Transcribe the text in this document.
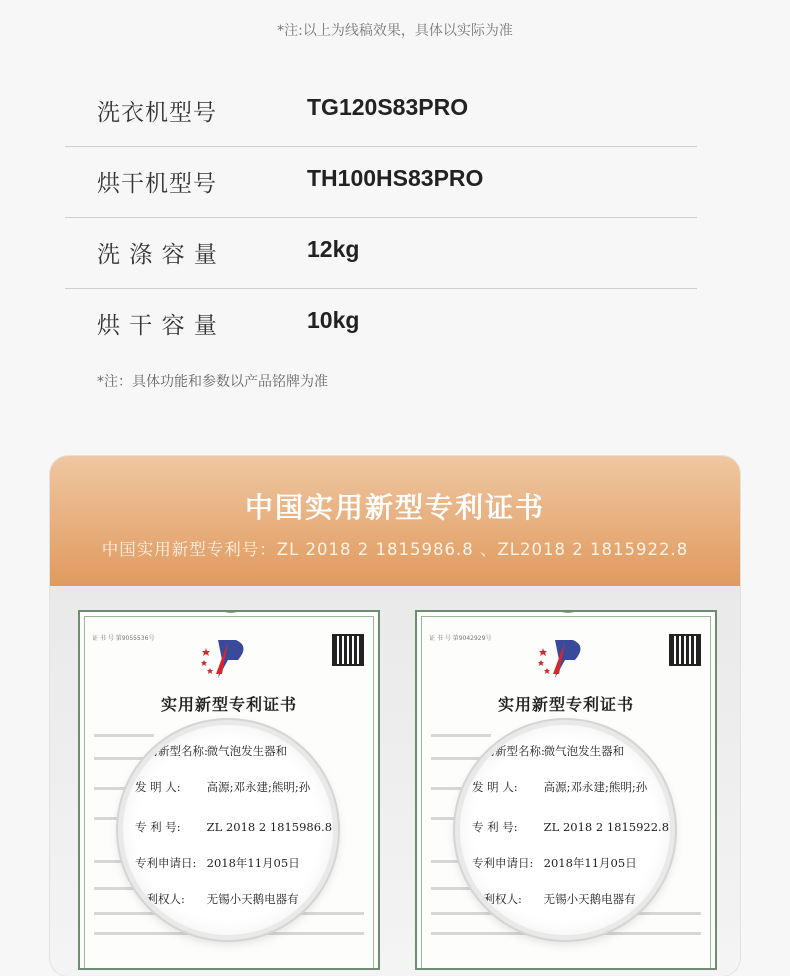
*注:以上为线稿效果，具体以实际为准
洗衣机型号	TG120S83PRO
烘干机型号	TH100HS83PRO
洗 涤 容 量	12kg
烘 干 容 量	10kg
*注：具体功能和参数以产品铭牌为准
中国实用新型专利证书
中国实用新型专利号：ZL 2018 2 1815986.8 、ZL2018 2 1815922.8
证 书 号 第9055536号
实用新型专利证书
实用新型名称: 微气泡发生器和
发 明 人: 高源;邓永建;熊明;孙
专 利 号: ZL 2018 2 1815986.8
专利申请日: 2018年11月05日
专利权人: 无锡小天鹅电器有
证 书 号 第9042929号
实用新型专利证书
实用新型名称: 微气泡发生器和
发 明 人: 高源;邓永建;熊明;孙
专 利 号: ZL 2018 2 1815922.8
专利申请日: 2018年11月05日
专利权人: 无锡小天鹅电器有
